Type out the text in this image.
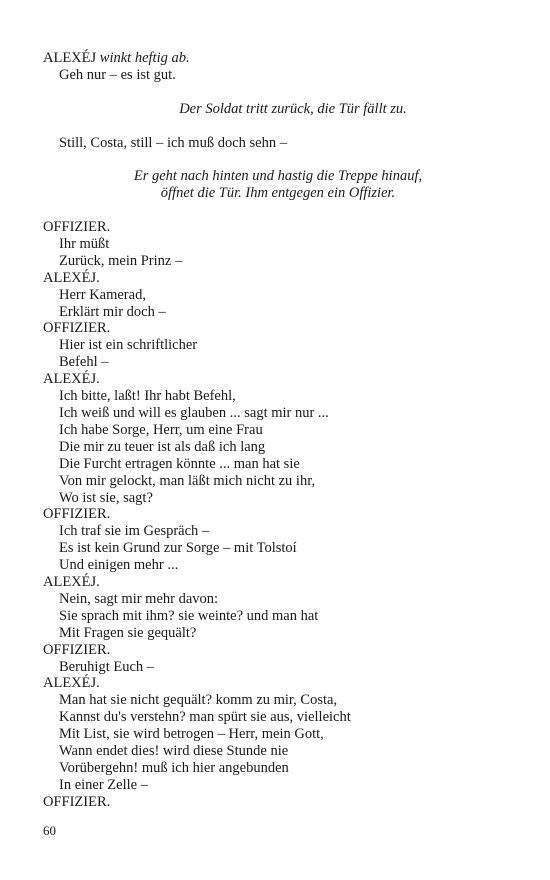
ALEXÉJ winkt heftig ab.
Geh nur – es ist gut.
Der Soldat tritt zurück, die Tür fällt zu.
Still, Costa, still – ich muß doch sehn –
Er geht nach hinten und hastig die Treppe hinauf,
öffnet die Tür. Ihm entgegen ein Offizier.
OFFIZIER.
Ihr müßt
Zurück, mein Prinz –
ALEXÉJ.
Herr Kamerad,
Erklärt mir doch –
OFFIZIER.
Hier ist ein schriftlicher
Befehl –
ALEXÉJ.
Ich bitte, laßt! Ihr habt Befehl,
Ich weiß und will es glauben ... sagt mir nur ...
Ich habe Sorge, Herr, um eine Frau
Die mir zu teuer ist als daß ich lang
Die Furcht ertragen könnte ... man hat sie
Von mir gelockt, man läßt mich nicht zu ihr,
Wo ist sie, sagt?
OFFIZIER.
Ich traf sie im Gespräch –
Es ist kein Grund zur Sorge – mit Tolstoí
Und einigen mehr ...
ALEXÉJ.
Nein, sagt mir mehr davon:
Sie sprach mit ihm? sie weinte? und man hat
Mit Fragen sie gequält?
OFFIZIER.
Beruhigt Euch –
ALEXÉJ.
Man hat sie nicht gequält? komm zu mir, Costa,
Kannst du's verstehn? man spürt sie aus, vielleicht
Mit List, sie wird betrogen – Herr, mein Gott,
Wann endet dies! wird diese Stunde nie
Vorübergehn! muß ich hier angebunden
In einer Zelle –
OFFIZIER.
60
